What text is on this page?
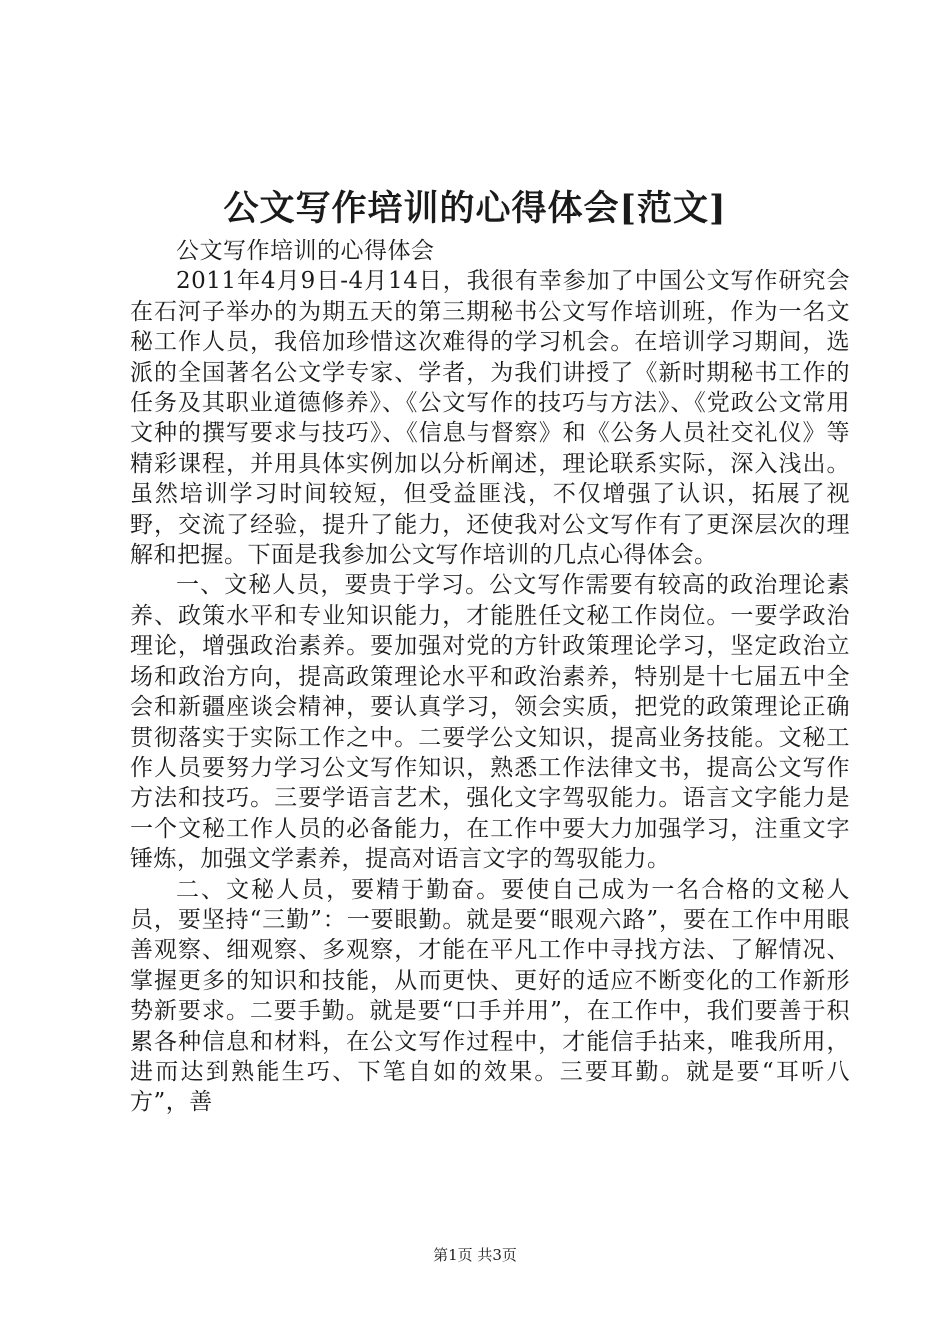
公文写作培训的心得体会[范文]

公文写作培训的心得体会

2011年4月9日-4月14日，我很有幸参加了中国公文写作研究会在石河子举办的为期五天的第三期秘书公文写作培训班，作为一名文秘工作人员，我倍加珍惜这次难得的学习机会。在培训学习期间，选派的全国著名公文学专家、学者，为我们讲授了《新时期秘书工作的任务及其职业道德修养》、《公文写作的技巧与方法》、《党政公文常用文种的撰写要求与技巧》、《信息与督察》和《公务人员社交礼仪》等精彩课程，并用具体实例加以分析阐述，理论联系实际，深入浅出。虽然培训学习时间较短，但受益匪浅，不仅增强了认识，拓展了视野，交流了经验，提升了能力，还使我对公文写作有了更深层次的理解和把握。下面是我参加公文写作培训的几点心得体会。

一、文秘人员，要贵于学习。公文写作需要有较高的政治理论素养、政策水平和专业知识能力，才能胜任文秘工作岗位。一要学政治理论，增强政治素养。要加强对党的方针政策理论学习，坚定政治立场和政治方向，提高政策理论水平和政治素养，特别是十七届五中全会和新疆座谈会精神，要认真学习，领会实质，把党的政策理论正确贯彻落实于实际工作之中。二要学公文知识，提高业务技能。文秘工作人员要努力学习公文写作知识，熟悉工作法律文书，提高公文写作方法和技巧。三要学语言艺术，强化文字驾驭能力。语言文字能力是一个文秘工作人员的必备能力，在工作中要大力加强学习，注重文字锤炼，加强文学素养，提高对语言文字的驾驭能力。

二、文秘人员，要精于勤奋。要使自己成为一名合格的文秘人员，要坚持“三勤”：一要眼勤。就是要“眼观六路”，要在工作中用眼善观察、细观察、多观察，才能在平凡工作中寻找方法、了解情况、掌握更多的知识和技能，从而更快、更好的适应不断变化的工作新形势新要求。二要手勤。就是要“口手并用”，在工作中，我们要善于积累各种信息和材料，在公文写作过程中，才能信手拈来，唯我所用，进而达到熟能生巧、下笔自如的效果。三要耳勤。就是要“耳听八方”，善

第1页 共3页
